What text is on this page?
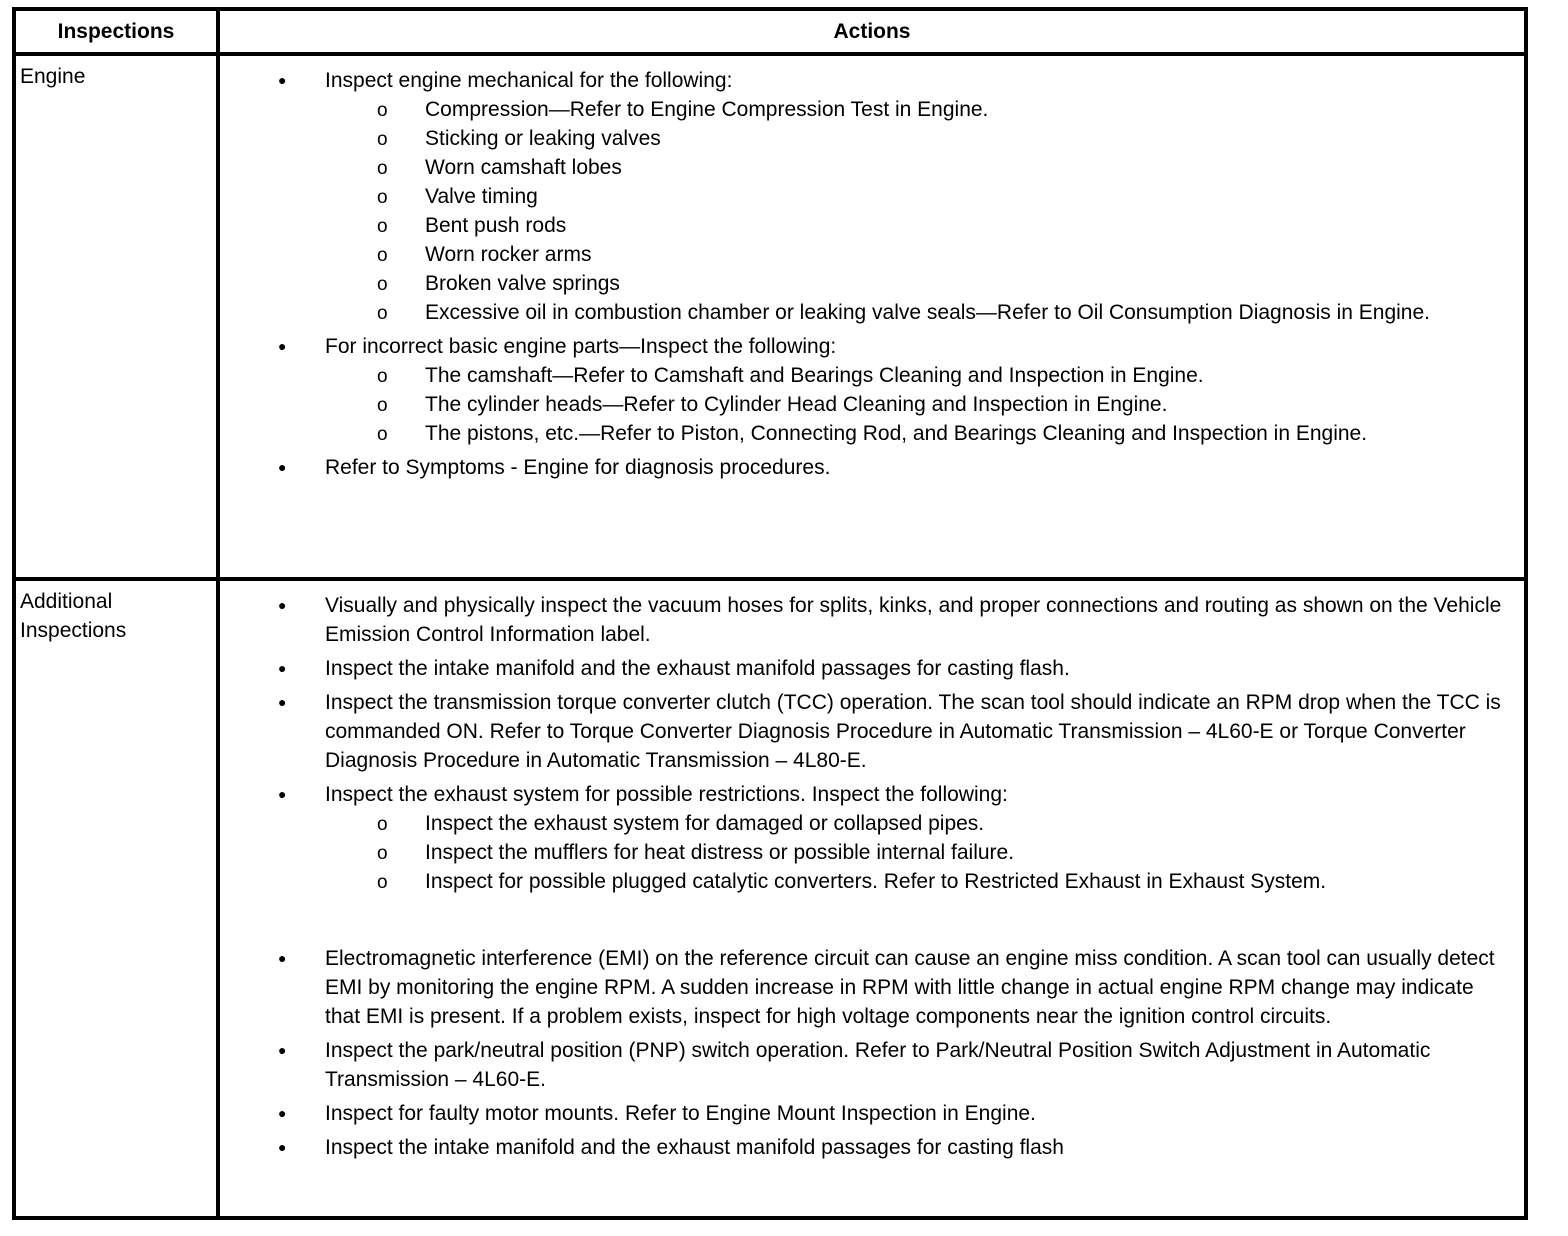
Inspections	Actions
Engine	● Inspect engine mechanical for the following:
o Compression—Refer to Engine Compression Test in Engine.
o Sticking or leaking valves
o Worn camshaft lobes
o Valve timing
o Bent push rods
o Worn rocker arms
o Broken valve springs
o Excessive oil in combustion chamber or leaking valve seals—Refer to Oil Consumption Diagnosis in Engine.
● For incorrect basic engine parts—Inspect the following:
o The camshaft—Refer to Camshaft and Bearings Cleaning and Inspection in Engine.
o The cylinder heads—Refer to Cylinder Head Cleaning and Inspection in Engine.
o The pistons, etc.—Refer to Piston, Connecting Rod, and Bearings Cleaning and Inspection in Engine.
● Refer to Symptoms - Engine for diagnosis procedures.
Additional Inspections
● Visually and physically inspect the vacuum hoses for splits, kinks, and proper connections and routing as shown on the Vehicle Emission Control Information label.
● Inspect the intake manifold and the exhaust manifold passages for casting flash.
● Inspect the transmission torque converter clutch (TCC) operation. The scan tool should indicate an RPM drop when the TCC is commanded ON. Refer to Torque Converter Diagnosis Procedure in Automatic Transmission – 4L60-E or Torque Converter Diagnosis Procedure in Automatic Transmission – 4L80-E.
● Inspect the exhaust system for possible restrictions. Inspect the following:
o Inspect the exhaust system for damaged or collapsed pipes.
o Inspect the mufflers for heat distress or possible internal failure.
o Inspect for possible plugged catalytic converters. Refer to Restricted Exhaust in Exhaust System.
● Electromagnetic interference (EMI) on the reference circuit can cause an engine miss condition. A scan tool can usually detect EMI by monitoring the engine RPM. A sudden increase in RPM with little change in actual engine RPM change may indicate that EMI is present. If a problem exists, inspect for high voltage components near the ignition control circuits.
● Inspect the park/neutral position (PNP) switch operation. Refer to Park/Neutral Position Switch Adjustment in Automatic Transmission – 4L60-E.
● Inspect for faulty motor mounts. Refer to Engine Mount Inspection in Engine.
● Inspect the intake manifold and the exhaust manifold passages for casting flash
